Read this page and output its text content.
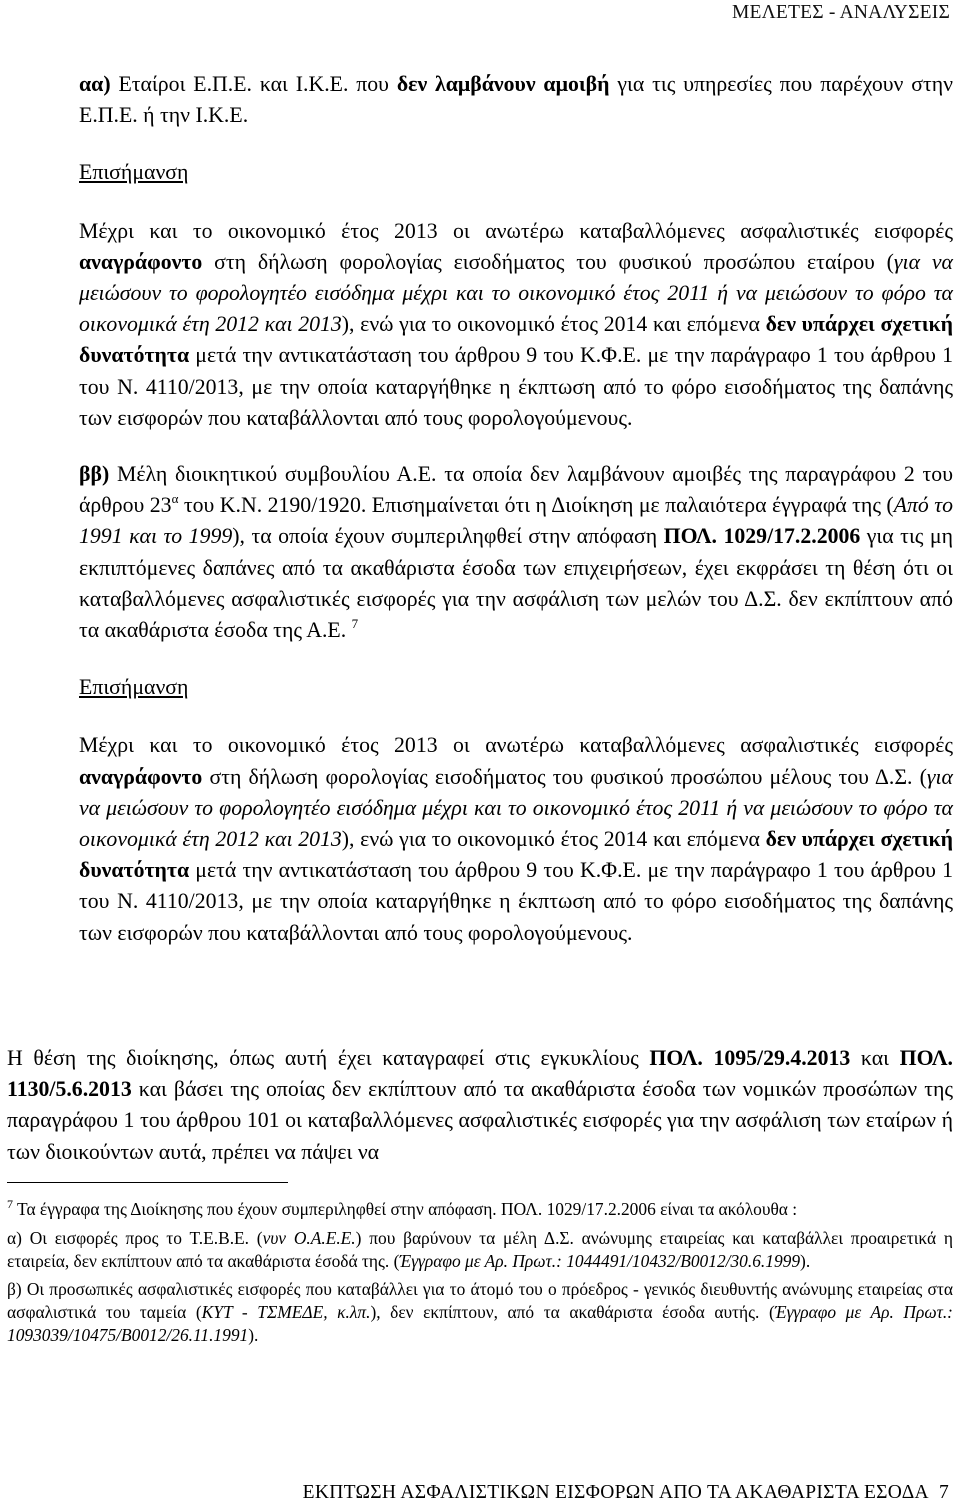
ΜΕΛΕΤΕΣ - ΑΝΑΛΥΣΕΙΣ

αα) Εταίροι Ε.Π.Ε. και Ι.Κ.Ε. που δεν λαμβάνουν αμοιβή για τις υπηρεσίες που παρέχουν στην Ε.Π.Ε. ή την Ι.Κ.Ε.

Επισήμανση

Μέχρι και το οικονομικό έτος 2013 οι ανωτέρω καταβαλλόμενες ασφαλιστικές εισφορές αναγράφοντο στη δήλωση φορολογίας εισοδήματος του φυσικού προσώπου εταίρου (για να μειώσουν το φορολογητέο εισόδημα μέχρι και το οικονομικό έτος 2011 ή να μειώσουν το φόρο τα οικονομικά έτη 2012 και 2013), ενώ για το οικονομικό έτος 2014 και επόμενα δεν υπάρχει σχετική δυνατότητα μετά την αντικατάσταση του άρθρου 9 του Κ.Φ.Ε. με την παράγραφο 1 του άρθρου 1 του Ν. 4110/2013, με την οποία καταργήθηκε η έκπτωση από το φόρο εισοδήματος της δαπάνης των εισφορών που καταβάλλονται από τους φορολογούμενους.

ββ) Μέλη διοικητικού συμβουλίου Α.Ε. τα οποία δεν λαμβάνουν αμοιβές της παραγράφου 2 του άρθρου $23^\alpha$ του Κ.Ν. 2190/1920. Επισημαίνεται ότι η Διοίκηση με παλαιότερα έγγραφά της (Από το 1991 και το 1999), τα οποία έχουν συμπεριληφθεί στην απόφαση ΠΟΛ. 1029/17.2.2006 για τις μη εκπιπτόμενες δαπάνες από τα ακαθάριστα έσοδα των επιχειρήσεων, έχει εκφράσει τη θέση ότι οι καταβαλλόμενες ασφαλιστικές εισφορές για την ασφάλιση των μελών του Δ.Σ. δεν εκπίπτουν από τα ακαθάριστα έσοδα της Α.Ε. $^7$

Επισήμανση

Μέχρι και το οικονομικό έτος 2013 οι ανωτέρω καταβαλλόμενες ασφαλιστικές εισφορές αναγράφοντο στη δήλωση φορολογίας εισοδήματος του φυσικού προσώπου μέλους του Δ.Σ. (για να μειώσουν το φορολογητέο εισόδημα μέχρι και το οικονομικό έτος 2011 ή να μειώσουν το φόρο τα οικονομικά έτη 2012 και 2013), ενώ για το οικονομικό έτος 2014 και επόμενα δεν υπάρχει σχετική δυνατότητα μετά την αντικατάσταση του άρθρου 9 του Κ.Φ.Ε. με την παράγραφο 1 του άρθρου 1 του Ν. 4110/2013, με την οποία καταργήθηκε η έκπτωση από το φόρο εισοδήματος της δαπάνης των εισφορών που καταβάλλονται από τους φορολογούμενους.

Η θέση της διοίκησης, όπως αυτή έχει καταγραφεί στις εγκυκλίους ΠΟΛ. 1095/29.4.2013 και ΠΟΛ. 1130/5.6.2013 και βάσει της οποίας δεν εκπίπτουν από τα ακαθάριστα έσοδα των νομικών προσώπων της παραγράφου 1 του άρθρου 101 οι καταβαλλόμενες ασφαλιστικές εισφορές για την ασφάλιση των εταίρων ή των διοικούντων αυτά, πρέπει να πάψει να

$^7$ Τα έγγραφα της Διοίκησης που έχουν συμπεριληφθεί στην απόφαση. ΠΟΛ. 1029/17.2.2006 είναι τα ακόλουθα :

α) Οι εισφορές προς το Τ.Ε.Β.Ε. (νυν Ο.Α.Ε.Ε.) που βαρύνουν τα μέλη Δ.Σ. ανώνυμης εταιρείας και καταβάλλει προαιρετικά η εταιρεία, δεν εκπίπτουν από τα ακαθάριστα έσοδά της. (Έγγραφο με Αρ. Πρωτ.: 1044491/10432/Β0012/30.6.1999).

β) Οι προσωπικές ασφαλιστικές εισφορές που καταβάλλει για το άτομό του ο πρόεδρος - γενικός διευθυντής ανώνυμης εταιρείας στα ασφαλιστικά του ταμεία (ΚΥΤ - ΤΣΜΕΔΕ, κ.λπ.), δεν εκπίπτουν, από τα ακαθάριστα έσοδα αυτής. (Έγγραφο με Αρ. Πρωτ.: 1093039/10475/Β0012/26.11.1991).

ΕΚΠΤΩΣΗ ΑΣΦΑΛΙΣΤΙΚΩΝ ΕΙΣΦΟΡΩΝ ΑΠΟ ΤΑ ΑΚΑΘΑΡΙΣΤΑ ΕΣΟΔΑ 7
